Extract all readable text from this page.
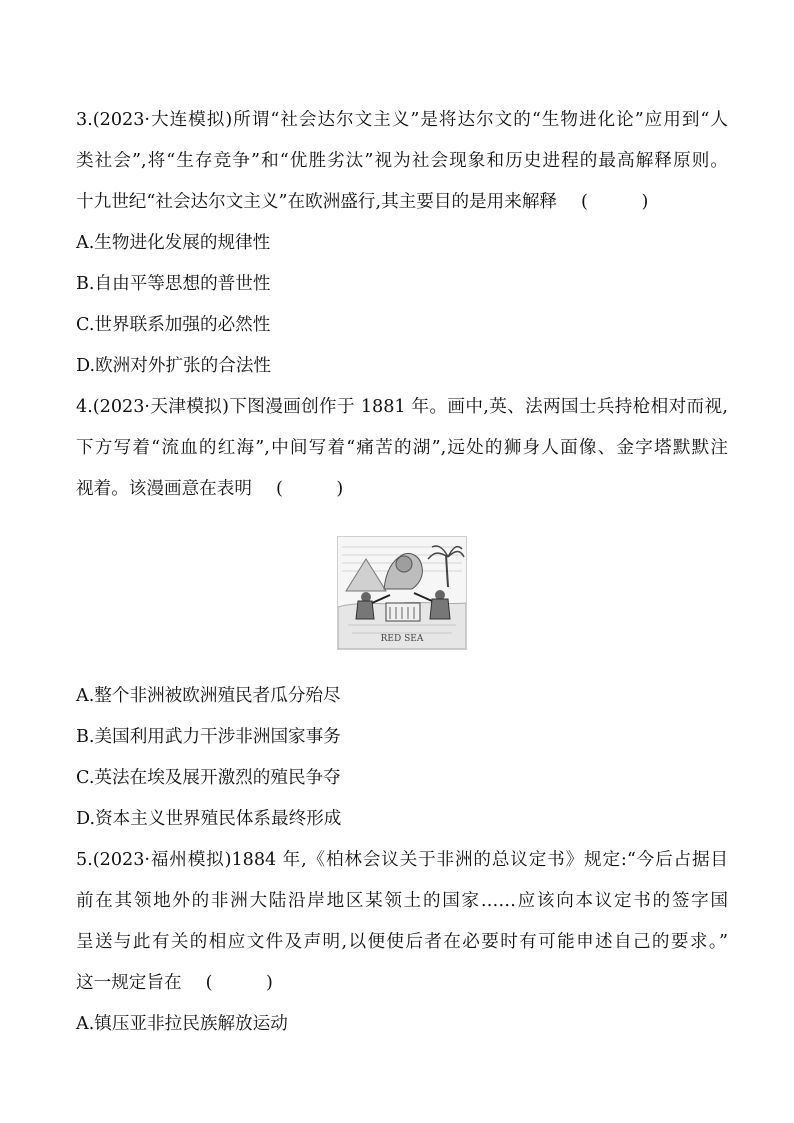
3.(2023·大连模拟)所谓“社会达尔文主义”是将达尔文的“生物进化论”应用到“人
类社会”,将“生存竞争”和“优胜劣汰”视为社会现象和历史进程的最高解释原则。
十九世纪“社会达尔文主义”在欧洲盛行,其主要目的是用来解释 ( )
A.生物进化发展的规律性
B.自由平等思想的普世性
C.世界联系加强的必然性
D.欧洲对外扩张的合法性
4.(2023·天津模拟)下图漫画创作于 1881 年。画中,英、法两国士兵持枪相对而视,
下方写着“流血的红海”,中间写着“痛苦的湖”,远处的狮身人面像、金字塔默默注
视着。该漫画意在表明 ( )
RED SEA
A.整个非洲被欧洲殖民者瓜分殆尽
B.美国利用武力干涉非洲国家事务
C.英法在埃及展开激烈的殖民争夺
D.资本主义世界殖民体系最终形成
5.(2023·福州模拟)1884 年,《柏林会议关于非洲的总议定书》规定:“今后占据目
前在其领地外的非洲大陆沿岸地区某领土的国家……应该向本议定书的签字国
呈送与此有关的相应文件及声明,以便使后者在必要时有可能申述自己的要求。”
这一规定旨在 ( )
A.镇压亚非拉民族解放运动
